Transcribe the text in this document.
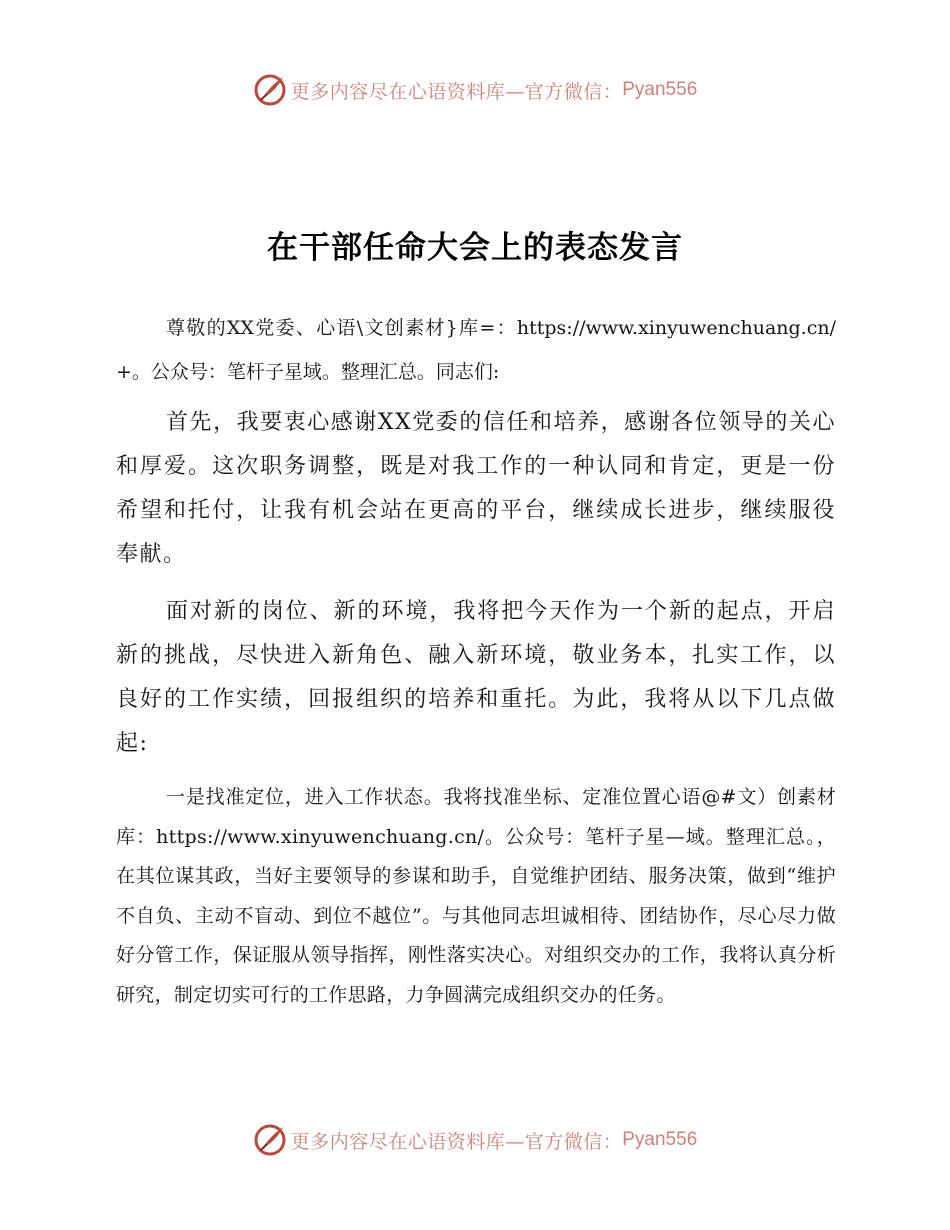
更多内容尽在心语资料库—官方微信： Pyan556
在干部任命大会上的表态发言

尊敬的XX党委、心语\文创素材}库=：https://www.xinyuwenchuang.cn/+。公众号：笔杆子星域。整理汇总。同志们:

首先，我要衷心感谢XX党委的信任和培养，感谢各位领导的关心和厚爱。这次职务调整，既是对我工作的一种认同和肯定，更是一份希望和托付，让我有机会站在更高的平台，继续成长进步，继续服役奉献。

面对新的岗位、新的环境，我将把今天作为一个新的起点，开启新的挑战，尽快进入新角色、融入新环境，敬业务本，扎实工作，以良好的工作实绩，回报组织的培养和重托。为此，我将从以下几点做起:

一是找准定位，进入工作状态。我将找准坐标、定准位置心语@#文）创素材库：https://www.xinyuwenchuang.cn/。公众号：笔杆子星—域。整理汇总。，在其位谋其政，当好主要领导的参谋和助手，自觉维护团结、服务决策，做到“维护不自负、主动不盲动、到位不越位”。与其他同志坦诚相待、团结协作，尽心尽力做好分管工作，保证服从领导指挥，刚性落实决心。对组织交办的工作，我将认真分析研究，制定切实可行的工作思路，力争圆满完成组织交办的任务。

更多内容尽在心语资料库—官方微信： Pyan556
